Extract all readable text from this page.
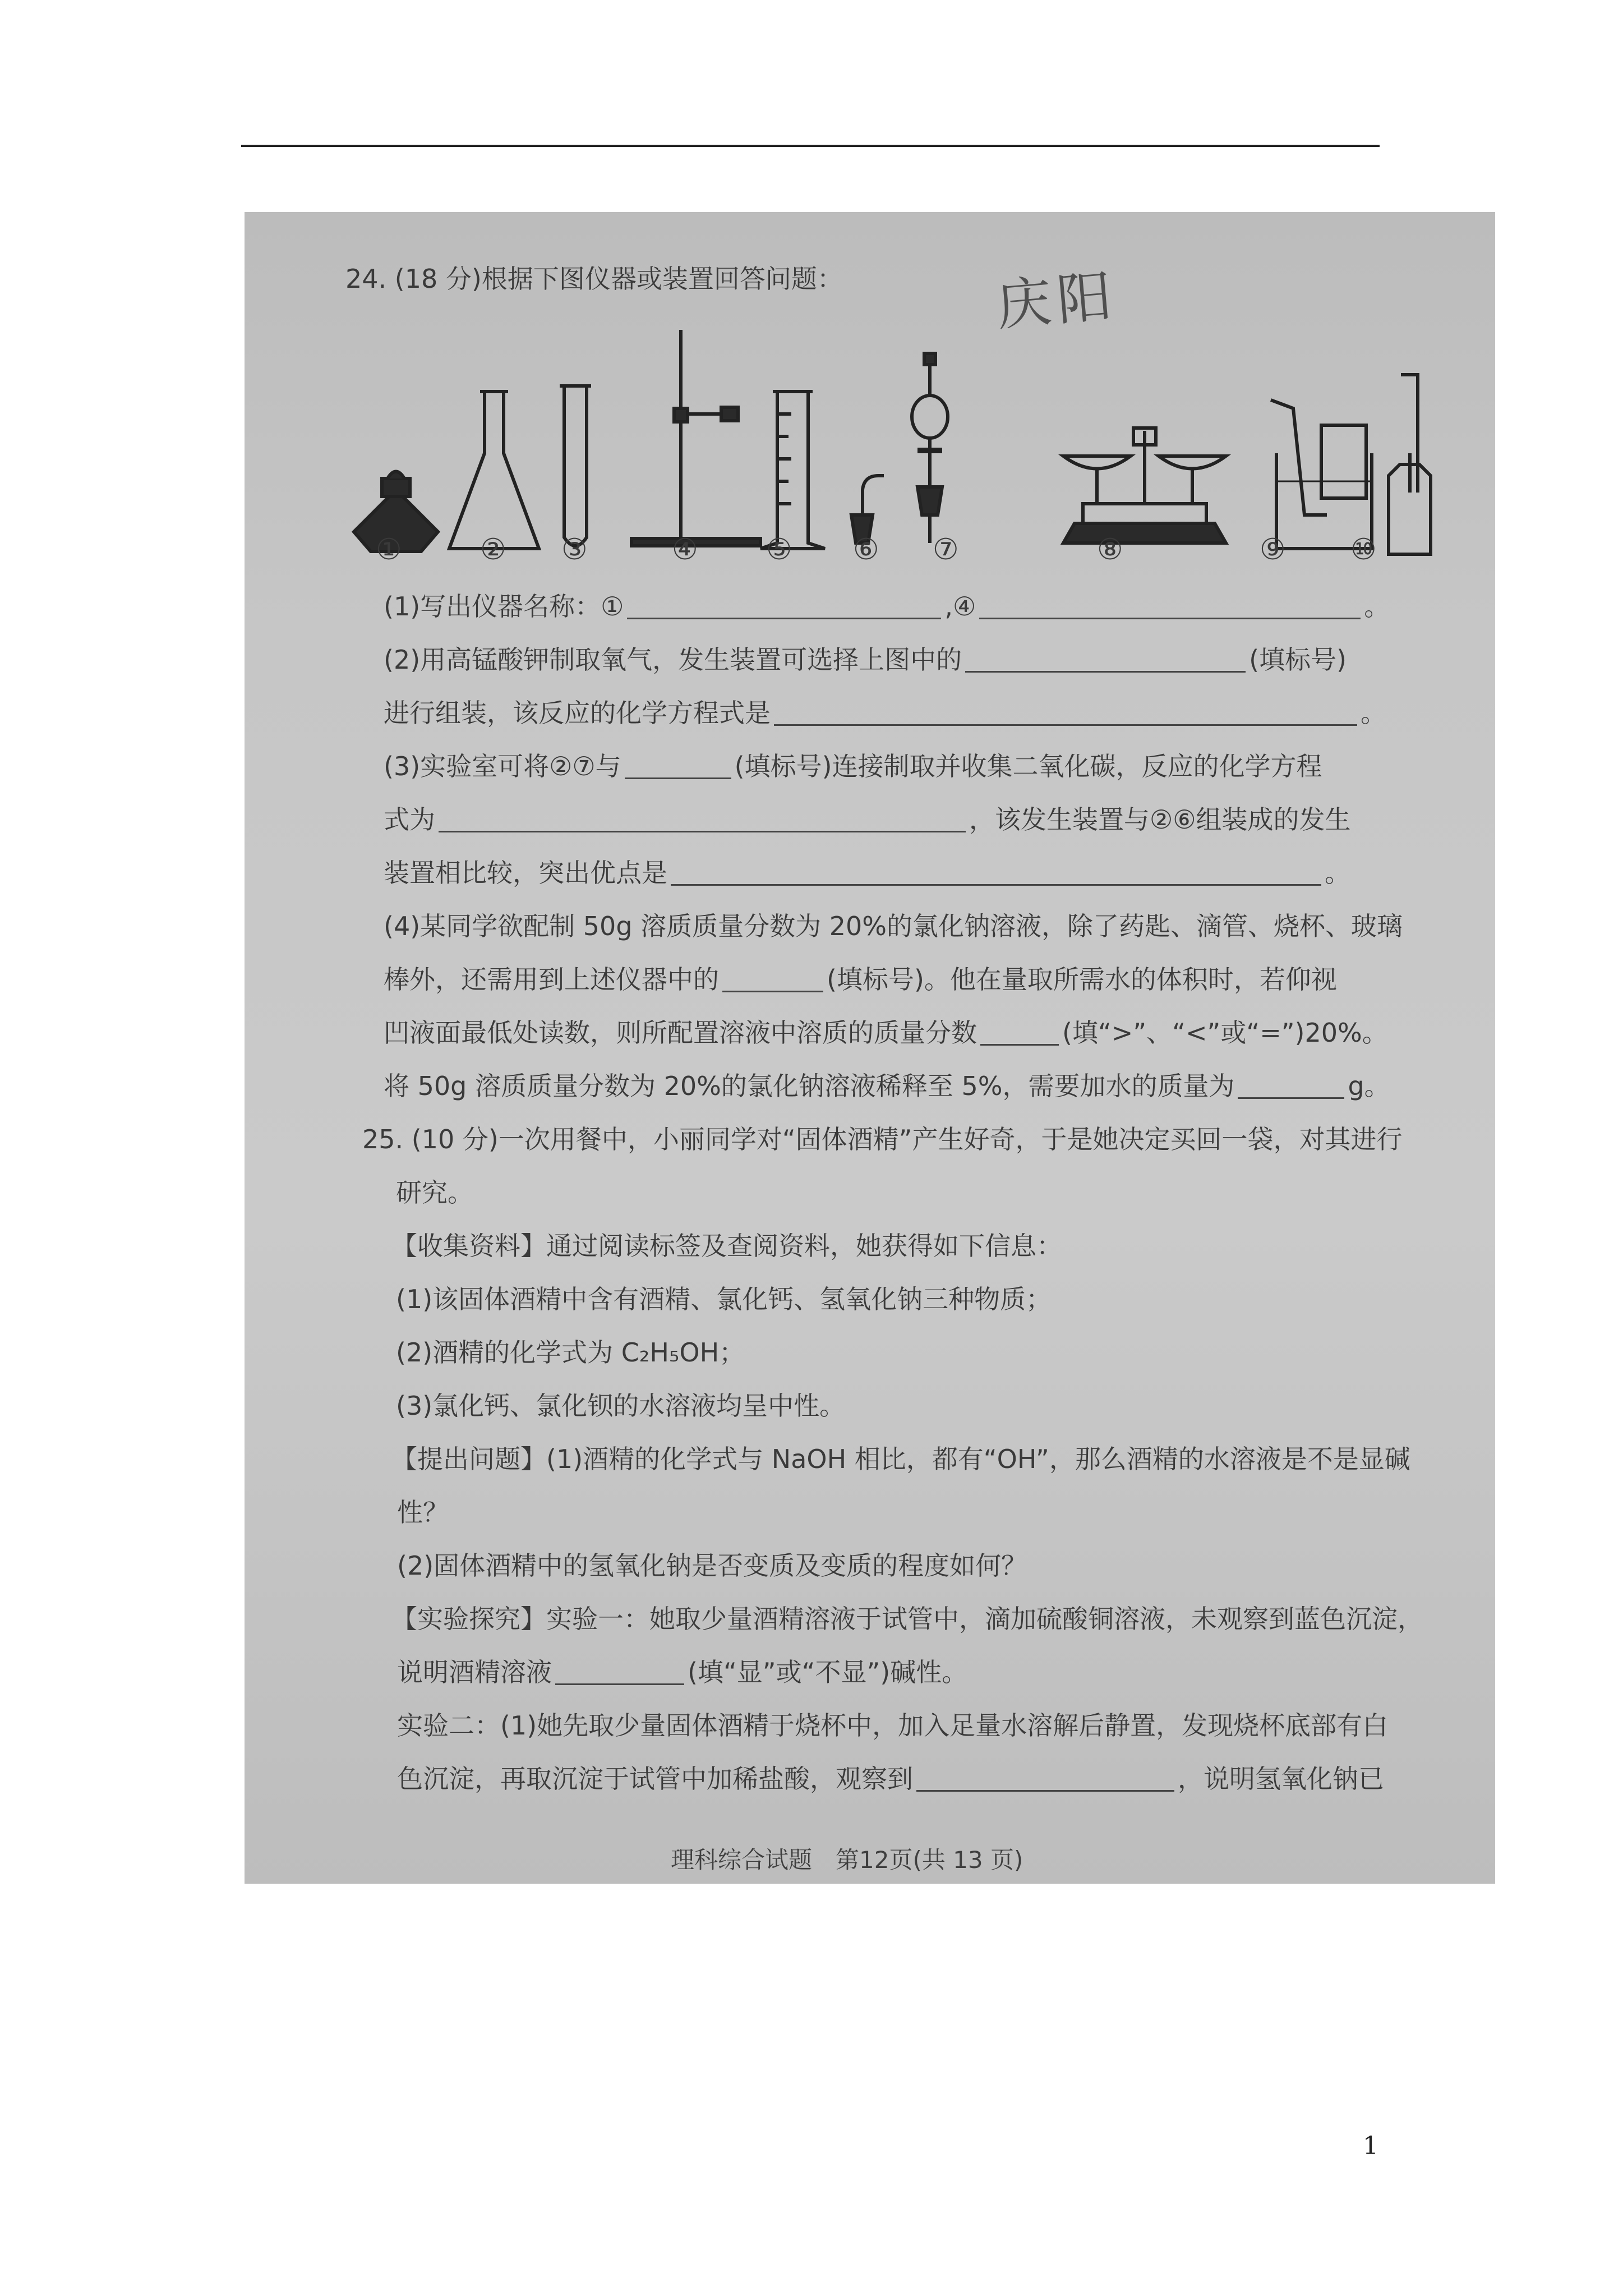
庆阳
24. (18 分)根据下图仪器或装置回答问题：
①	② ③	④ ⑤ ⑥ ⑦	⑧	⑨ ⑩
(1)写出仪器名称：①	,④	。
(2)用高锰酸钾制取氧气，发生装置可选择上图中的	(填标号)
进行组装，该反应的化学方程式是	。
(3)实验室可将②⑦与	(填标号)连接制取并收集二氧化碳，反应的化学方程
式为	，该发生装置与②⑥组装成的发生
装置相比较，突出优点是	。
(4)某同学欲配制 50g 溶质质量分数为 20%的氯化钠溶液，除了药匙、滴管、烧杯、玻璃
棒外，还需用到上述仪器中的	(填标号)。他在量取所需水的体积时，若仰视
凹液面最低处读数，则所配置溶液中溶质的质量分数	(填“>”、“<”或“=”)20%。
将 50g 溶质质量分数为 20%的氯化钠溶液稀释至 5%，需要加水的质量为	g。
25. (10 分)一次用餐中，小丽同学对“固体酒精”产生好奇，于是她决定买回一袋，对其进行
研究。
【收集资料】通过阅读标签及查阅资料，她获得如下信息：
(1)该固体酒精中含有酒精、氯化钙、氢氧化钠三种物质；
(2)酒精的化学式为 C₂H₅OH；
(3)氯化钙、氯化钡的水溶液均呈中性。
【提出问题】(1)酒精的化学式与 NaOH 相比，都有“OH”，那么酒精的水溶液是不是显碱
性？
(2)固体酒精中的氢氧化钠是否变质及变质的程度如何？
【实验探究】实验一：她取少量酒精溶液于试管中，滴加硫酸铜溶液，未观察到蓝色沉淀，
说明酒精溶液	(填“显”或“不显”)碱性。
实验二：(1)她先取少量固体酒精于烧杯中，加入足量水溶解后静置，发现烧杯底部有白
色沉淀，再取沉淀于试管中加稀盐酸，观察到	，说明氢氧化钠已
理科综合试题　第12页(共 13 页)
1
